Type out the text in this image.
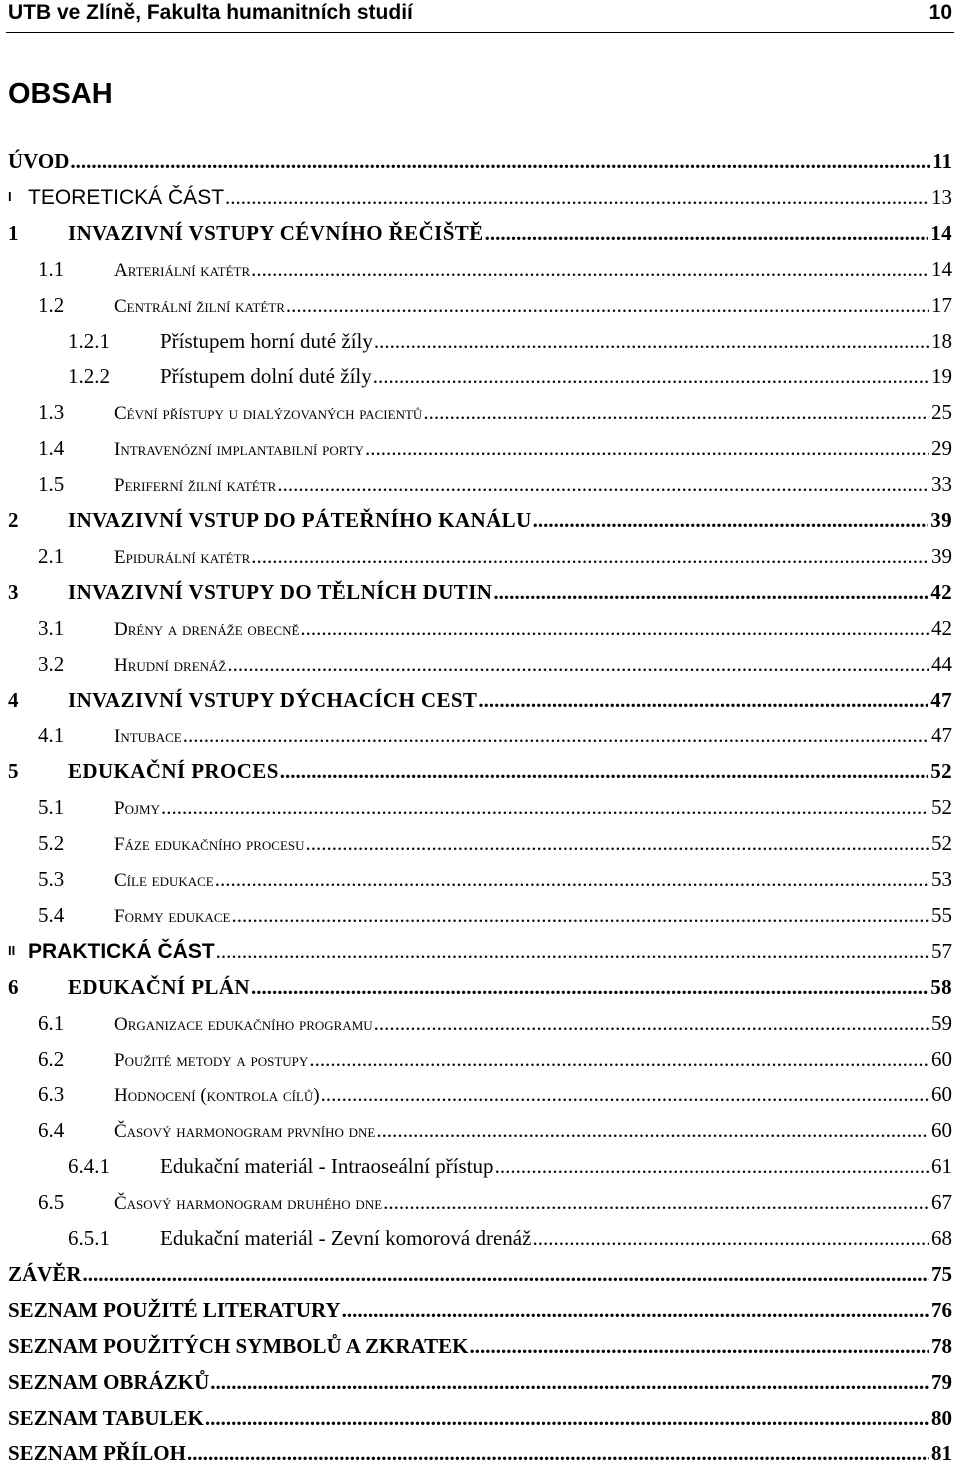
UTB ve Zlíně, Fakulta humanitních studií	10
OBSAH
ÚVOD .....	11
I TEORETICKÁ ČÁST .....	13
1 INVAZIVNÍ VSTUPY CÉVNÍHO ŘEČIŠTĚ .....	14
1.1	Arteriální katétr .....	14
1.2	Centrální žilní katétr .....	17
1.2.1 Přístupem horní duté žíly .....	18
1.2.2 Přístupem dolní duté žíly .....	19
1.3	Cévní přístupy u dialýzovaných pacientů .....	25
1.4	Intravenózní implantabilní porty .....	29
1.5	Periferní žilní katétr .....	33
2 INVAZIVNÍ VSTUP DO PÁTEŘNÍHO KANÁLU .....	39
2.1	Epidurální katétr .....	39
3 INVAZIVNÍ VSTUPY DO TĚLNÍCH DUTIN .....	42
3.1	Drény a drenáže obecně .....	42
3.2	Hrudní drenáž .....	44
4 INVAZIVNÍ VSTUPY DÝCHACÍCH CEST .....	47
4.1	Intubace .....	47
5 EDUKAČNÍ PROCES .....	52
5.1	Pojmy .....	52
5.2	Fáze edukačního procesu .....	52
5.3	Cíle edukace .....	53
5.4	Formy edukace .....	55
II PRAKTICKÁ ČÁST .....	57
6 EDUKAČNÍ PLÁN .....	58
6.1	Organizace edukačního programu .....	59
6.2	Použité metody a postupy .....	60
6.3	Hodnocení (kontrola cílů) .....	60
6.4	Časový harmonogram prvního dne .....	60
6.4.1 Edukační materiál - Intraoseální přístup .....	61
6.5	Časový harmonogram druhého dne .....	67
6.5.1 Edukační materiál - Zevní komorová drenáž .....	68
ZÁVĚR .....	75
SEZNAM POUŽITÉ LITERATURY .....	76
SEZNAM POUŽITÝCH SYMBOLŮ A ZKRATEK .....	78
SEZNAM OBRÁZKŮ .....	79
SEZNAM TABULEK .....	80
SEZNAM PŘÍLOH .....	81
